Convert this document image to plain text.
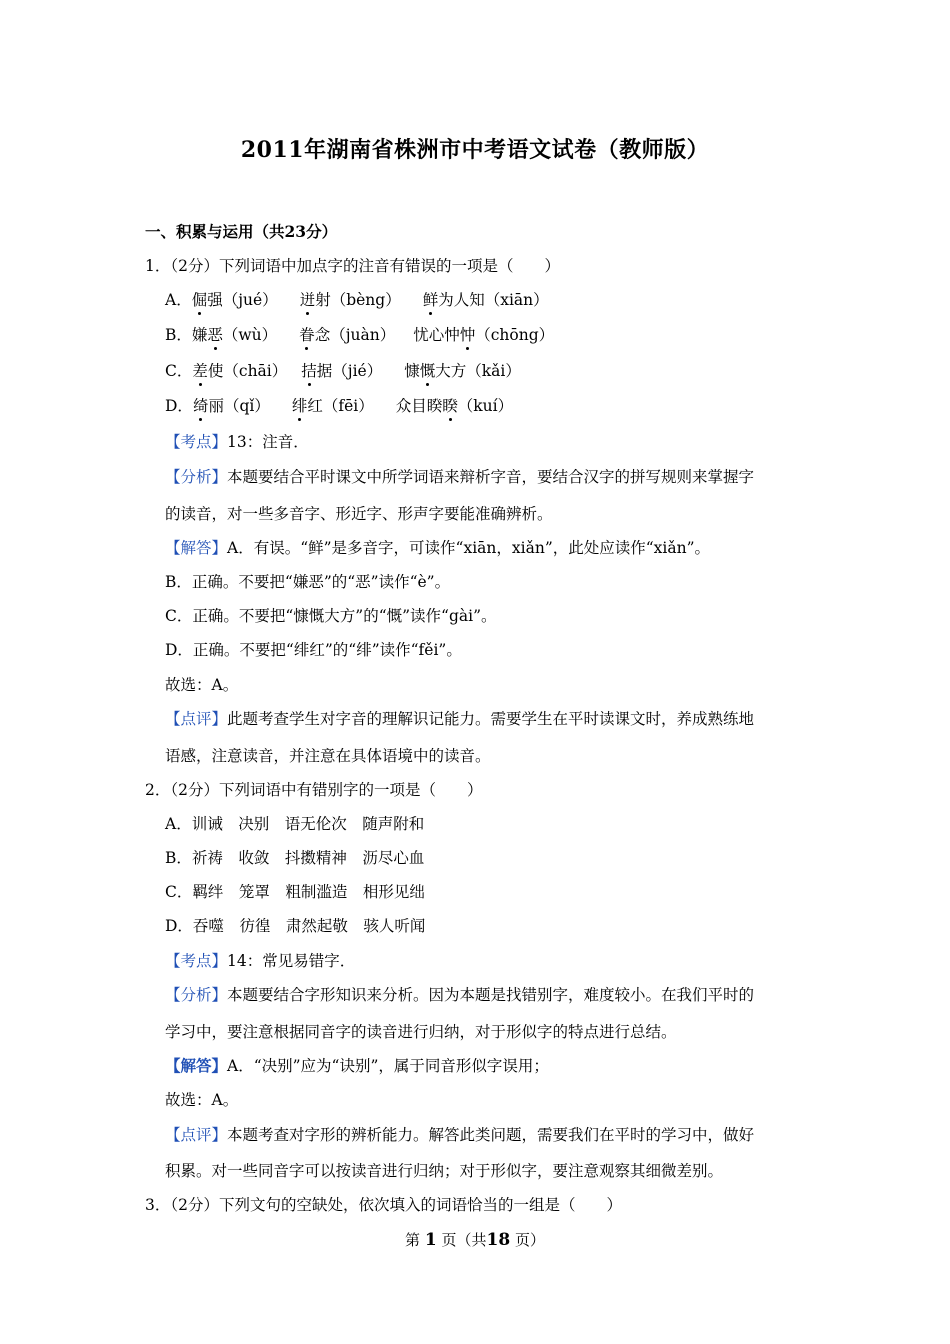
2011年湖南省株洲市中考语文试卷（教师版）
一、积累与运用（共23分）
1．（2分）下列词语中加点字的注音有错误的一项是（　　）
A．倔强（jué） 迸射（bèng） 鲜为人知（xiān）
B．嫌恶（wù） 眷念（juàn） 忧心忡忡（chōng）
C．差使（chāi） 拮据（jié） 慷慨大方（kǎi）
D．绮丽（qǐ） 绯红（fēi） 众目睽睽（kuí）
【考点】13：注音．
【分析】本题要结合平时课文中所学词语来辩析字音，要结合汉字的拼写规则来掌握字
的读音，对一些多音字、形近字、形声字要能准确辨析。
【解答】A．有误。“鲜”是多音字，可读作“xiān，xiǎn”，此处应读作“xiǎn”。
B．正确。不要把“嫌恶”的“恶”读作“è”。
C．正确。不要把“慷慨大方”的“慨”读作“gài”。
D．正确。不要把“绯红”的“绯”读作“fěi”。
故选：A。
【点评】此题考查学生对字音的理解识记能力。需要学生在平时读课文时，养成熟练地
语感，注意读音，并注意在具体语境中的读音。
2．（2分）下列词语中有错别字的一项是（　　）
A．训诫　决别　语无伦次　随声附和
B．祈祷　收敛　抖擞精神　沥尽心血
C．羁绊　笼罩　粗制滥造　相形见绌
D．吞噬　彷徨　肃然起敬　骇人听闻
【考点】14：常见易错字．
【分析】本题要结合字形知识来分析。因为本题是找错别字，难度较小。在我们平时的
学习中，要注意根据同音字的读音进行归纳，对于形似字的特点进行总结。
【解答】A．“决别”应为“诀别”，属于同音形似字误用；
故选：A。
【点评】本题考查对字形的辨析能力。解答此类问题，需要我们在平时的学习中，做好
积累。对一些同音字可以按读音进行归纳；对于形似字，要注意观察其细微差别。
3．（2分）下列文句的空缺处，依次填入的词语恰当的一组是（　　）
第 1 页（共18 页）
